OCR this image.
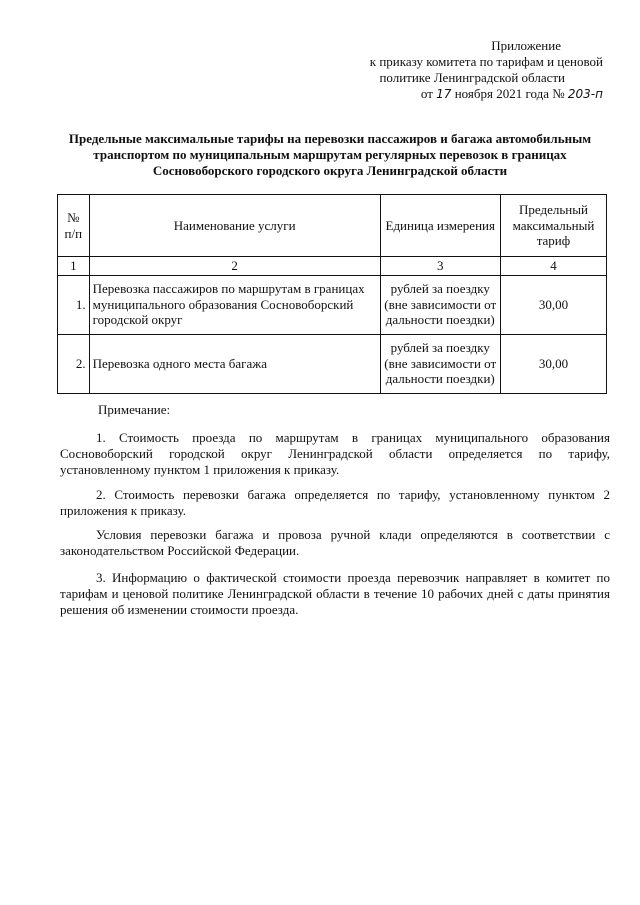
Приложение
к приказу комитета по тарифам и ценовой
политике Ленинградской области
от 17 ноября 2021 года № 203-п
Предельные максимальные тарифы на перевозки пассажиров и багажа автомобильным транспортом по муниципальным маршрутам регулярных перевозок в границах Сосновоборского городского округа Ленинградской области
№ п/п	Наименование услуги	Единица измерения	Предельный максимальный тариф
1	2	3	4
1.	Перевозка пассажиров по маршрутам в границах муниципального образования Сосновоборский городской округ	рублей за поездку (вне зависимости от дальности поездки)	30,00
2.	Перевозка одного места багажа	рублей за поездку (вне зависимости от дальности поездки)	30,00
Примечание:
1. Стоимость проезда по маршрутам в границах муниципального образования Сосновоборский городской округ Ленинградской области определяется по тарифу, установленному пунктом 1 приложения к приказу.
2. Стоимость перевозки багажа определяется по тарифу, установленному пунктом 2 приложения к приказу.
Условия перевозки багажа и провоза ручной клади определяются в соответствии с законодательством Российской Федерации.
3. Информацию о фактической стоимости проезда перевозчик направляет в комитет по тарифам и ценовой политике Ленинградской области в течение 10 рабочих дней с даты принятия решения об изменении стоимости проезда.
